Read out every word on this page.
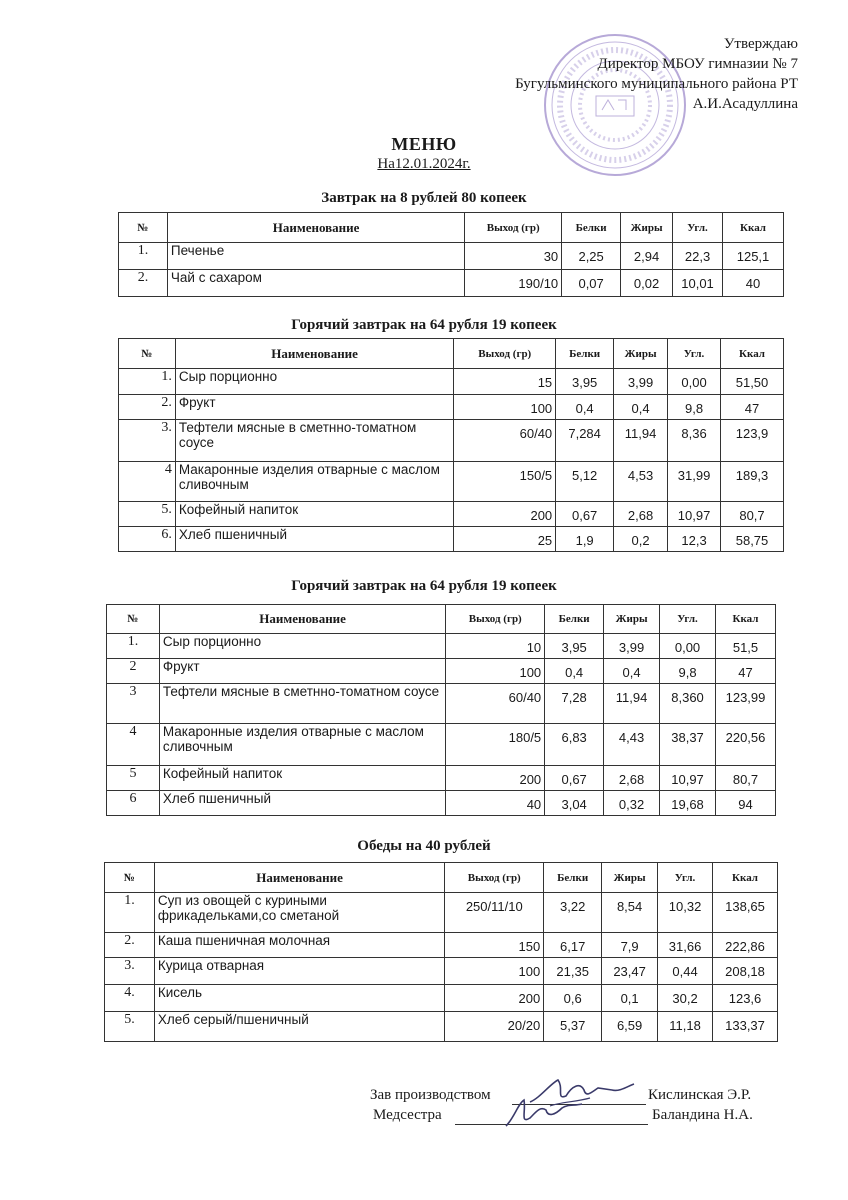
Утверждаю
Директор МБОУ гимназии № 7
Бугульминского муниципального района РТ
А.И.Асадуллина
МЕНЮ
На12.01.2024г.
Завтрак на 8 рублей 80 копеек
№	Наименование	Выход (гр)	Белки	Жиры	Угл.	Ккал
1.	Печенье	30	2,25	2,94	22,3	125,1
2.	Чай с сахаром	190/10	0,07	0,02	10,01	40
Горячий завтрак на 64 рубля 19 копеек
№	Наименование	Выход (гр)	Белки	Жиры	Угл.	Ккал
1.	Сыр порционно	15	3,95	3,99	0,00	51,50
2.	Фрукт	100	0,4	0,4	9,8	47
3.	Тефтели мясные в сметнно-томатном соусе	60/40	7,284	11,94	8,36	123,9
4	Макаронные изделия отварные с маслом сливочным	150/5	5,12	4,53	31,99	189,3
5.	Кофейный напиток	200	0,67	2,68	10,97	80,7
6.	Хлеб пшеничный	25	1,9	0,2	12,3	58,75
Горячий завтрак на 64 рубля 19 копеек
№	Наименование	Выход (гр)	Белки	Жиры	Угл.	Ккал
1.	Сыр порционно	10	3,95	3,99	0,00	51,5
2	Фрукт	100	0,4	0,4	9,8	47
3	Тефтели мясные в сметнно-томатном соусе	60/40	7,28	11,94	8,360	123,99
4	Макаронные изделия отварные с маслом сливочным	180/5	6,83	4,43	38,37	220,56
5	Кофейный напиток	200	0,67	2,68	10,97	80,7
6	Хлеб пшеничный	40	3,04	0,32	19,68	94
Обеды на 40 рублей
№	Наименование	Выход (гр)	Белки	Жиры	Угл.	Ккал
1.	Суп из овощей с куриными фрикадельками,со сметаной	250/11/10	3,22	8,54	10,32	138,65
2.	Каша пшеничная молочная	150	6,17	7,9	31,66	222,86
3.	Курица отварная	100	21,35	23,47	0,44	208,18
4.	Кисель	200	0,6	0,1	30,2	123,6
5.	Хлеб серый/пшеничный	20/20	5,37	6,59	11,18	133,37
Зав производством	Кислинская Э.Р.
Медсестра	Баландина Н.А.
